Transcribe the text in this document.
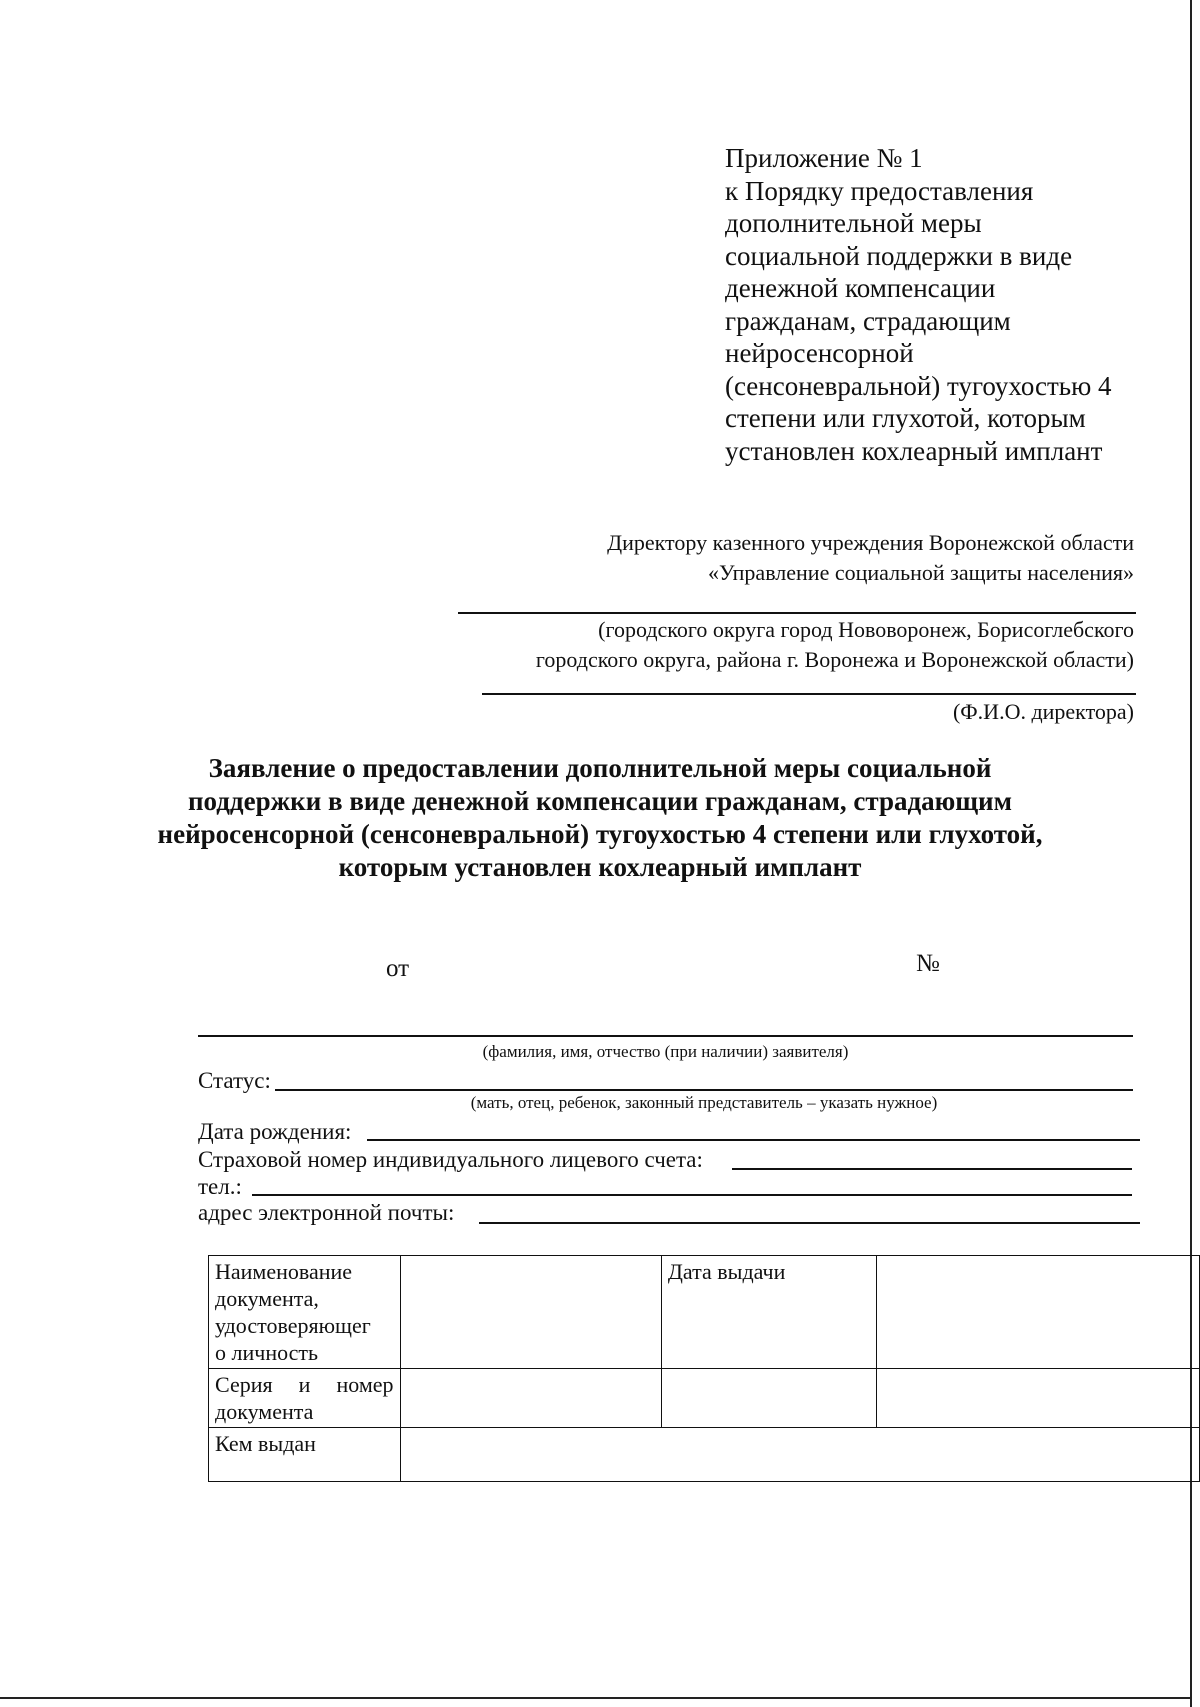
Приложение № 1
к Порядку предоставления
дополнительной меры
социальной поддержки в виде
денежной компенсации
гражданам, страдающим
нейросенсорной
(сенсоневральной) тугоухостью 4
степени или глухотой, которым
установлен кохлеарный имплант
Директору казенного учреждения Воронежской области
«Управление социальной защиты населения»
(городского округа город Нововоронеж, Борисоглебского
городского округа, района г. Воронежа и Воронежской области)
(Ф.И.О. директора)
Заявление о предоставлении дополнительной меры социальной
поддержки в виде денежной компенсации гражданам, страдающим
нейросенсорной (сенсоневральной) тугоухостью 4 степени или глухотой,
которым установлен кохлеарный имплант
от	№
(фамилия, имя, отчество (при наличии) заявителя)
Статус:
(мать, отец, ребенок, законный представитель – указать нужное)
Дата рождения:
Страховой номер индивидуального лицевого счета:
тел.:
адрес электронной почты:
Наименование
документа,
удостоверяющег
о личность		Дата выдачи	

Серия и номер
документа			

Кем выдан			
